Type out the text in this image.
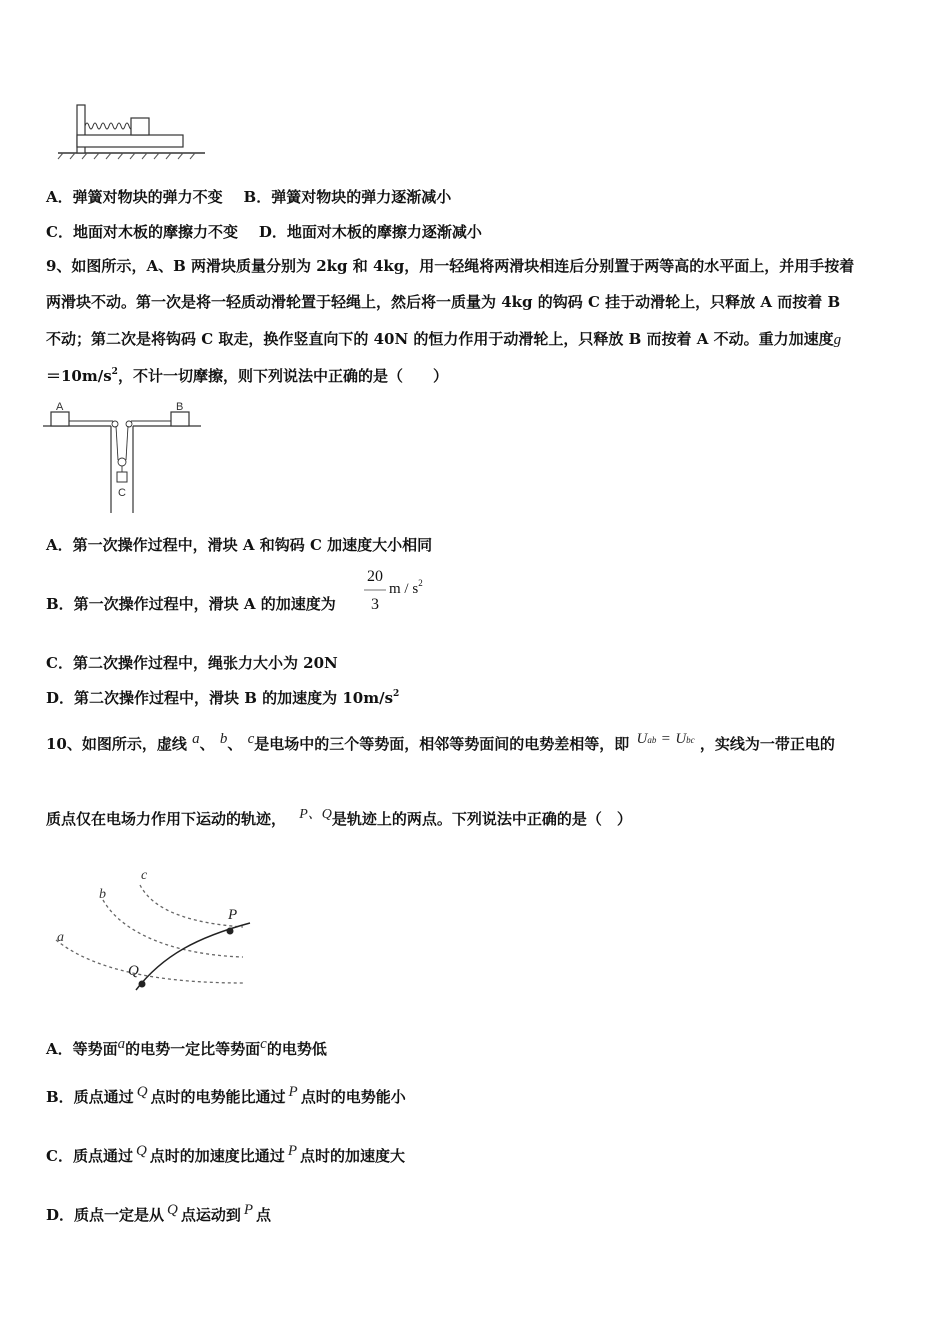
A．弹簧对物块的弹力不变 B．弹簧对物块的弹力逐渐减小
C．地面对木板的摩擦力不变 D．地面对木板的摩擦力逐渐减小
9、如图所示，A、B 两滑块质量分别为 2kg 和 4kg，用一轻绳将两滑块相连后分别置于两等高的水平面上，并用手按着
两滑块不动。第一次是将一轻质动滑轮置于轻绳上，然后将一质量为 4kg 的钩码 C 挂于动滑轮上，只释放 A 而按着 B
不动；第二次是将钩码 C 取走，换作竖直向下的 40N 的恒力作用于动滑轮上，只释放 B 而按着 A 不动。重力加速度g
$=10m/s^2$，不计一切摩擦，则下列说法中正确的是（　　）
A	B
C
A．第一次操作过程中，滑块 A 和钩码 C 加速度大小相同
B．第一次操作过程中，滑块 A 的加速度为
20
3
m / $s^2$
C．第二次操作过程中，绳张力大小为 20N
D．第二次操作过程中，滑块 B 的加速度为 $10m/s^2$
10、如图所示，虚线 a、 b、 c是电场中的三个等势面，相邻等势面间的电势差相等，即 Uab = Ubc ，实线为一带正电的
质点仅在电场力作用下运动的轨迹， P、Q是轨迹上的两点。下列说法中正确的是（　）
c
b
a
P
Q
A．等势面a的电势一定比等势面c的电势低
B．质点通过 Q 点时的电势能比通过 P 点时的电势能小
C．质点通过 Q 点时的加速度比通过 P 点时的加速度大
D．质点一定是从 Q 点运动到 P 点
